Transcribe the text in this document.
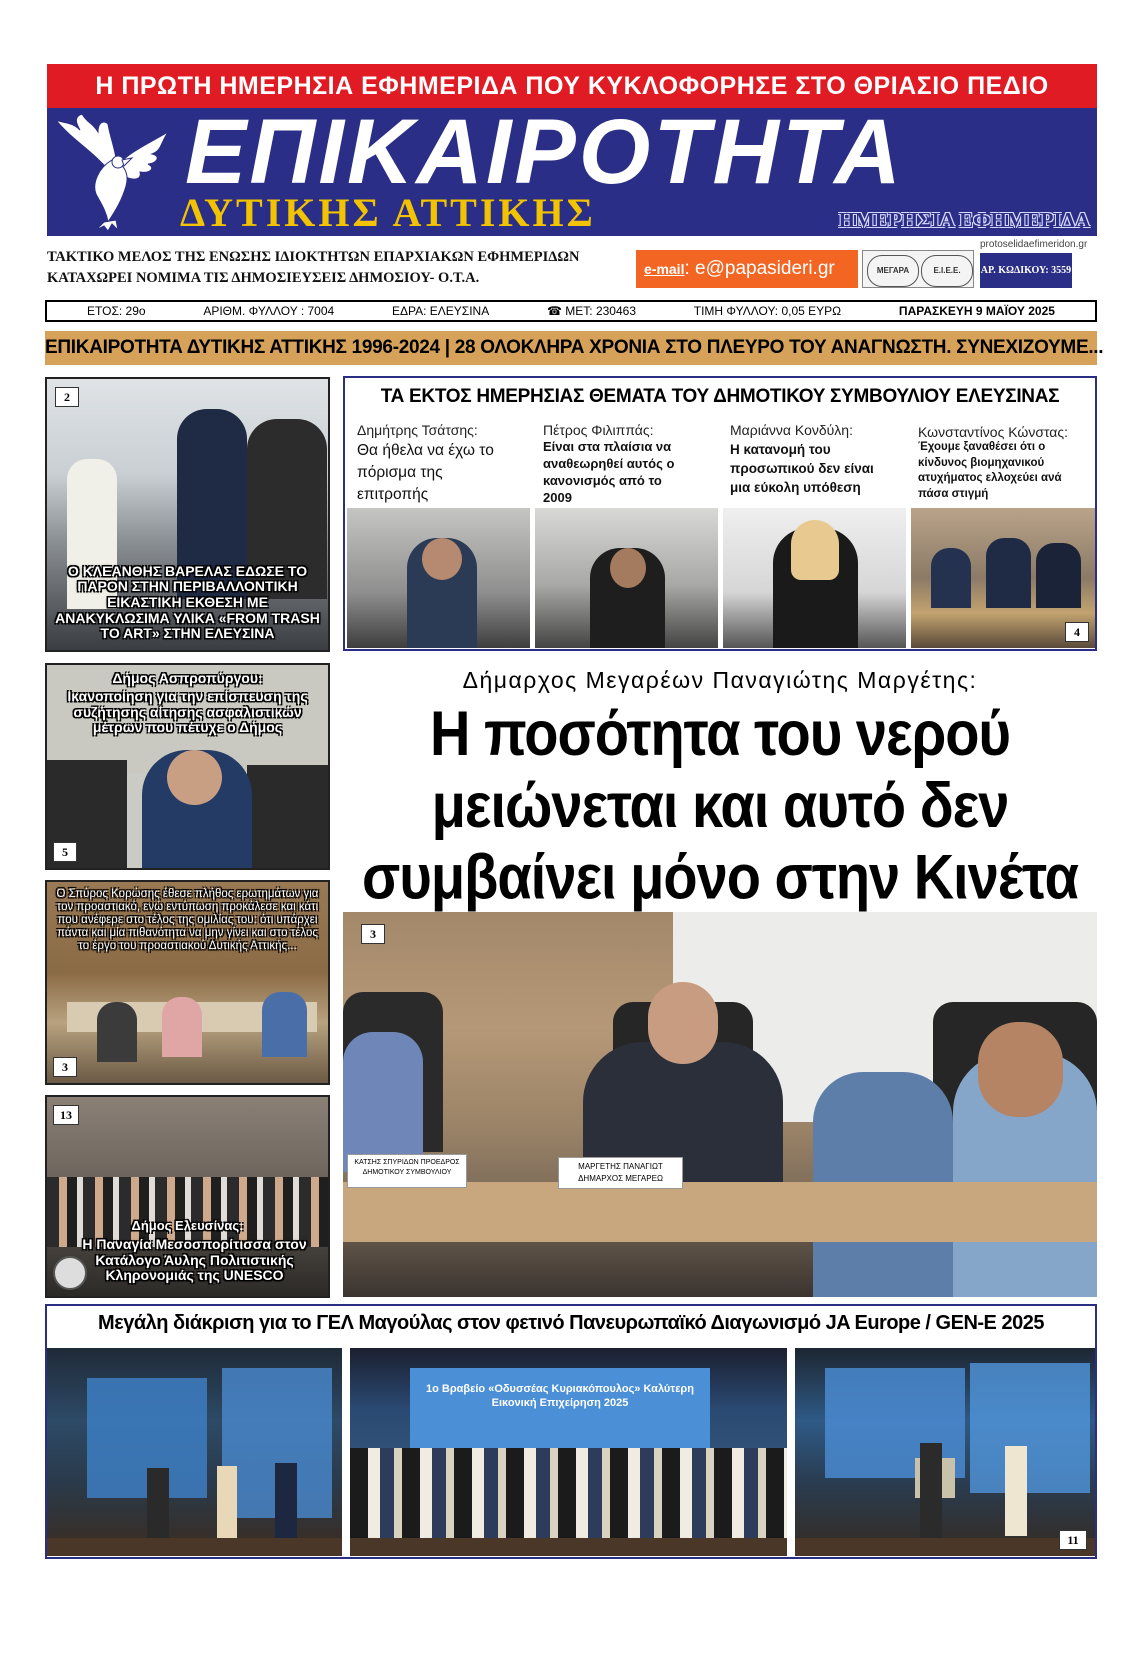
Η ΠΡΩΤΗ ΗΜΕΡΗΣΙΑ ΕΦΗΜΕΡΙΔΑ ΠΟΥ ΚΥΚΛΟΦΟΡΗΣΕ ΣΤΟ ΘΡΙΑΣΙΟ ΠΕΔΙΟ
ΕΠΙΚΑΙΡΟΤΗΤΑ
ΔΥΤΙΚΗΣ ΑΤΤΙΚΗΣ	ΗΜΕΡΗΣΙΑ ΕΦΗΜΕΡΙΔΑ
protoselidaefimeridon.gr
ΤΑΚΤΙΚΟ ΜΕΛΟΣ ΤΗΣ ΕΝΩΣΗΣ ΙΔΙΟΚΤΗΤΩΝ ΕΠΑΡΧΙΑΚΩΝ ΕΦΗΜΕΡΙΔΩΝ
ΚΑΤΑΧΩΡΕΙ ΝΟΜΙΜΑ ΤΙΣ ΔΗΜΟΣΙΕΥΣΕΙΣ ΔΗΜΟΣΙΟΥ- Ο.Τ.Α.
e-mail: e@papasideri.gr	ΜΕΓΑΡΑ	Ε.Ι.Ε.Ε.	ΑΡ. ΚΩΔΙΚΟΥ: 3559
ΕΤΟΣ: 29ο	ΑΡΙΘΜ. ΦΥΛΛΟΥ : 7004	ΕΔΡΑ: ΕΛΕΥΣΙΝΑ	☎ ΜΕΤ: 230463	ΤΙΜΗ ΦΥΛΛΟΥ: 0,05 ΕΥΡΩ	ΠΑΡΑΣΚΕΥΗ 9 ΜΑΪΟΥ 2025
ΕΠΙΚΑΙΡΟΤΗΤΑ ΔΥΤΙΚΗΣ ΑΤΤΙΚΗΣ 1996-2024 | 28 ΟΛΟΚΛΗΡΑ ΧΡΟΝΙΑ ΣΤΟ ΠΛΕΥΡΟ ΤΟΥ ΑΝΑΓΝΩΣΤΗ. ΣΥΝΕΧΙΖΟΥΜΕ...
2
Ο ΚΛΕΑΝΘΗΣ ΒΑΡΕΛΑΣ ΕΔΩΣΕ ΤΟ ΠΑΡΟΝ ΣΤΗΝ ΠΕΡΙΒΑΛΛΟΝΤΙΚΗ ΕΙΚΑΣΤΙΚΗ ΕΚΘΕΣΗ ΜΕ ΑΝΑΚΥΚΛΩΣΙΜΑ ΥΛΙΚΑ «FROM TRASH TO ART» ΣΤΗΝ ΕΛΕΥΣΙΝΑ
Δήμος Ασπροπύργου:
Ικανοποίηση για την επίσπευση της συζήτησης αίτησης ασφαλιστικών μέτρων που πέτυχε ο Δήμος
5
Ο Σπύρος Κορώσης έθεσε πλήθος ερωτημάτων για τον προαστιακό, ενώ εντύπωση προκάλεσε και κάτι που ανέφερε στο τέλος της ομιλίας του: ότι υπάρχει πάντα και μία πιθανότητα να μην γίνει και στο τέλος το έργο του προαστιακού Δυτικής Αττικής...
3
13
Δήμος Ελευσίνας:
Η Παναγία Μεσοσπορίτισσα στον Κατάλογο Άυλης Πολιτιστικής Κληρονομιάς της UNESCO
ΤΑ ΕΚΤΟΣ ΗΜΕΡΗΣΙΑΣ ΘΕΜΑΤΑ ΤΟΥ ΔΗΜΟΤΙΚΟΥ ΣΥΜΒΟΥΛΙΟΥ ΕΛΕΥΣΙΝΑΣ
Δημήτρης Τσάτσης:
Θα ήθελα να έχω το πόρισμα της επιτροπής
Πέτρος Φιλιππάς:
Είναι στα πλαίσια να αναθεωρηθεί αυτός ο κανονισμός από το 2009
Μαριάννα Κονδύλη:
Η κατανομή του προσωπικού δεν είναι μια εύκολη υπόθεση
Κωνσταντίνος Κώνστας:
Έχουμε ξαναθέσει ότι ο κίνδυνος βιομηχανικού ατυχήματος ελλοχεύει ανά πάσα στιγμή
4
Δήμαρχος Μεγαρέων Παναγιώτης Μαργέτης:
Η ποσότητα του νερού μειώνεται και αυτό δεν συμβαίνει μόνο στην Κινέτα
ΚΑΤΣΗΣ ΣΠΥΡΙΔΩΝ ΠΡΟΕΔΡΟΣ ΔΗΜΟΤΙΚΟΥ ΣΥΜΒΟΥΛΙΟΥ
ΜΑΡΓΕΤΗΣ ΠΑΝΑΓΙΩΤ ΔΗΜΑΡΧΟΣ ΜΕΓΑΡΕΩ
3
Μεγάλη διάκριση για το ΓΕΛ Μαγούλας στον φετινό Πανευρωπαϊκό Διαγωνισμό JA Europe / GEN-E 2025
1ο Βραβείο «Οδυσσέας Κυριακόπουλος» Καλύτερη Εικονική Επιχείρηση 2025
11
